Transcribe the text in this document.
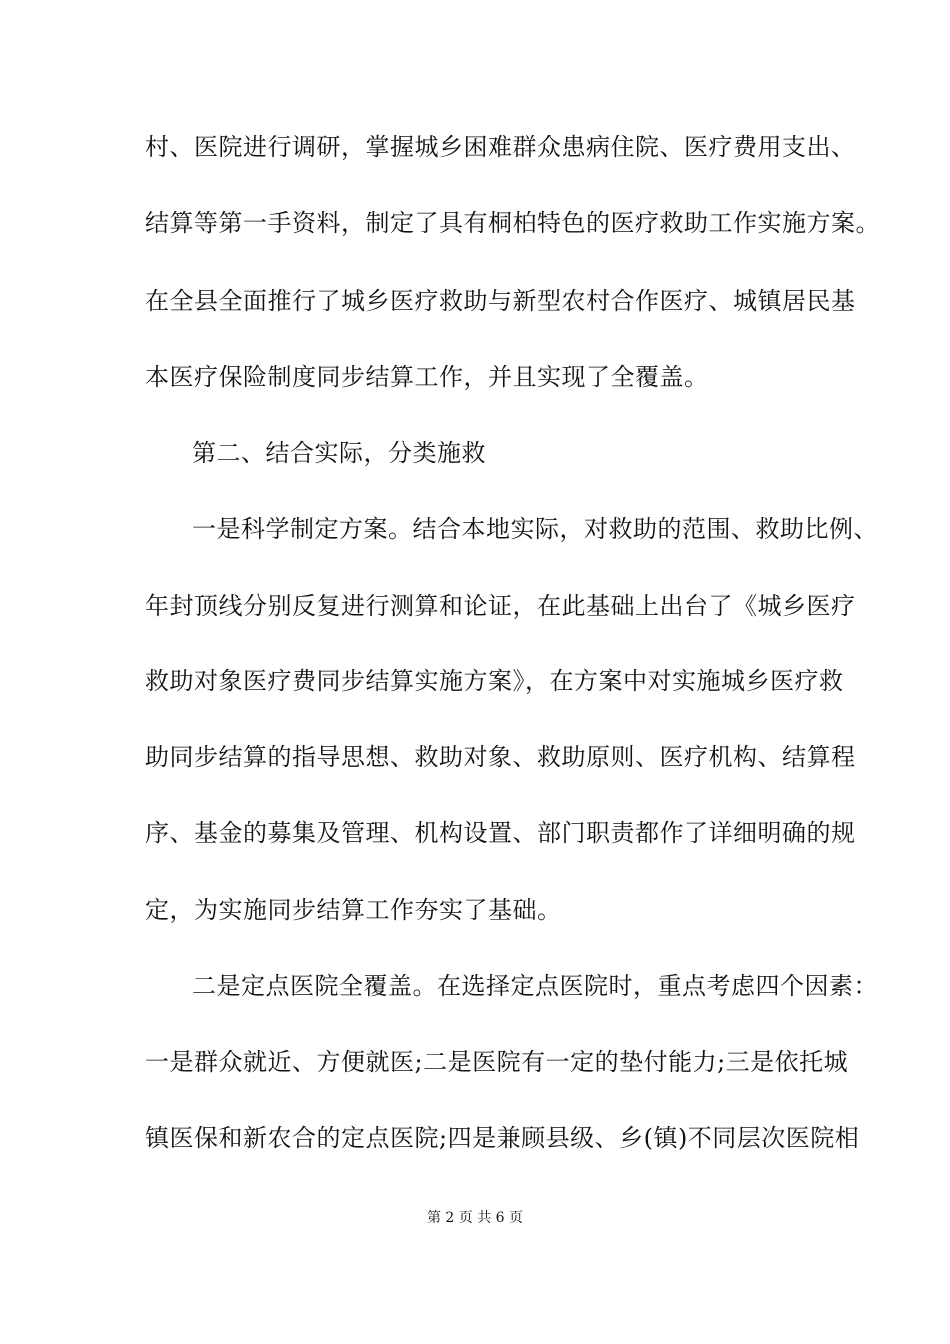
村、医院进行调研，掌握城乡困难群众患病住院、医疗费用支出、
结算等第一手资料，制定了具有桐柏特色的医疗救助工作实施方案。
在全县全面推行了城乡医疗救助与新型农村合作医疗、城镇居民基
本医疗保险制度同步结算工作，并且实现了全覆盖。
第二、结合实际，分类施救
一是科学制定方案。结合本地实际，对救助的范围、救助比例、
年封顶线分别反复进行测算和论证，在此基础上出台了《城乡医疗
救助对象医疗费同步结算实施方案》，在方案中对实施城乡医疗救
助同步结算的指导思想、救助对象、救助原则、医疗机构、结算程
序、基金的募集及管理、机构设置、部门职责都作了详细明确的规
定，为实施同步结算工作夯实了基础。
二是定点医院全覆盖。在选择定点医院时，重点考虑四个因素：
一是群众就近、方便就医;二是医院有一定的垫付能力;三是依托城
镇医保和新农合的定点医院;四是兼顾县级、乡(镇)不同层次医院相
第 2 页 共 6 页
